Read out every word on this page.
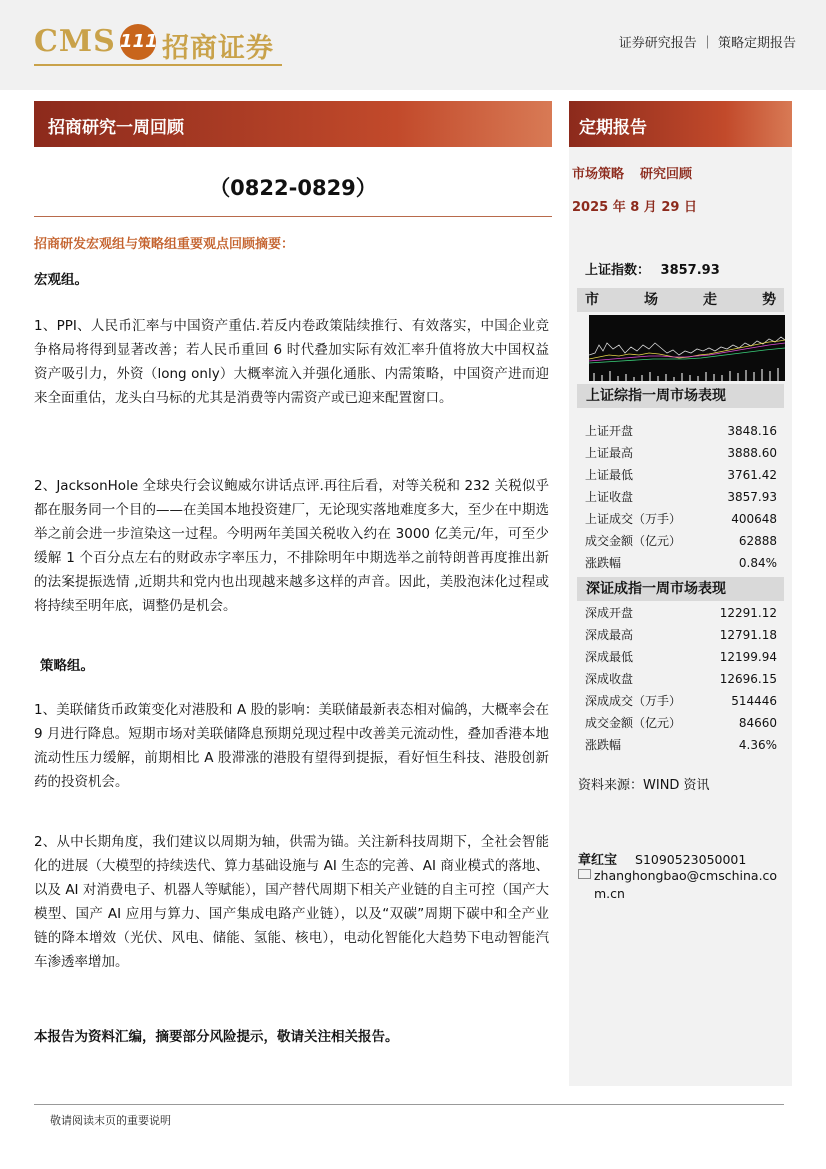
CMS 111 招商证券	证券研究报告 ｜ 策略定期报告
招商研究一周回顾
（0822-0829）
招商研发宏观组与策略组重要观点回顾摘要：
宏观组。
1、PPI、人民币汇率与中国资产重估.若反内卷政策陆续推行、有效落实，中国企业竞争格局将得到显著改善；若人民币重回 6 时代叠加实际有效汇率升值将放大中国权益资产吸引力，外资（long only）大概率流入并强化通胀、内需策略，中国资产进而迎来全面重估，龙头白马标的尤其是消费等内需资产或已迎来配置窗口。
2、JacksonHole 全球央行会议鲍威尔讲话点评.再往后看，对等关税和 232 关税似乎都在服务同一个目的——在美国本地投资建厂，无论现实落地难度多大，至少在中期选举之前会进一步渲染这一过程。今明两年美国关税收入约在 3000 亿美元/年，可至少缓解 1 个百分点左右的财政赤字率压力，不排除明年中期选举之前特朗普再度推出新的法案提振选情 ,近期共和党内也出现越来越多这样的声音。因此，美股泡沫化过程或将持续至明年底，调整仍是机会。
策略组。
1、美联储货币政策变化对港股和 A 股的影响：美联储最新表态相对偏鸽，大概率会在 9 月进行降息。短期市场对美联储降息预期兑现过程中改善美元流动性，叠加香港本地流动性压力缓解，前期相比 A 股滞涨的港股有望得到提振，看好恒生科技、港股创新药的投资机会。
2、从中长期角度，我们建议以周期为轴，供需为锚。关注新科技周期下，全社会智能化的进展（大模型的持续迭代、算力基础设施与 AI 生态的完善、AI 商业模式的落地、以及 AI 对消费电子、机器人等赋能），国产替代周期下相关产业链的自主可控（国产大模型、国产 AI 应用与算力、国产集成电路产业链），以及“双碳”周期下碳中和全产业链的降本增效（光伏、风电、储能、氢能、核电），电动化智能化大趋势下电动智能汽车渗透率增加。
本报告为资料汇编，摘要部分风险提示，敬请关注相关报告。
敬请阅读末页的重要说明
定期报告
市场策略 研究回顾
2025 年 8 月 29 日
上证指数： 3857.93
市	场	走	势
上证综指一周市场表现
上证开盘	3848.16
上证最高	3888.60
上证最低	3761.42
上证收盘	3857.93
上证成交（万手）	400648
成交金额（亿元）	62888
涨跌幅	0.84%
深证成指一周市场表现
深成开盘	12291.12
深成最高	12791.18
深成最低	12199.94
深成收盘	12696.15
深成成交（万手）	514446
成交金额（亿元）	84660
涨跌幅	4.36%
资料来源：WIND 资讯
章红宝 S1090523050001
zhanghongbao@cmschina.com.cn
